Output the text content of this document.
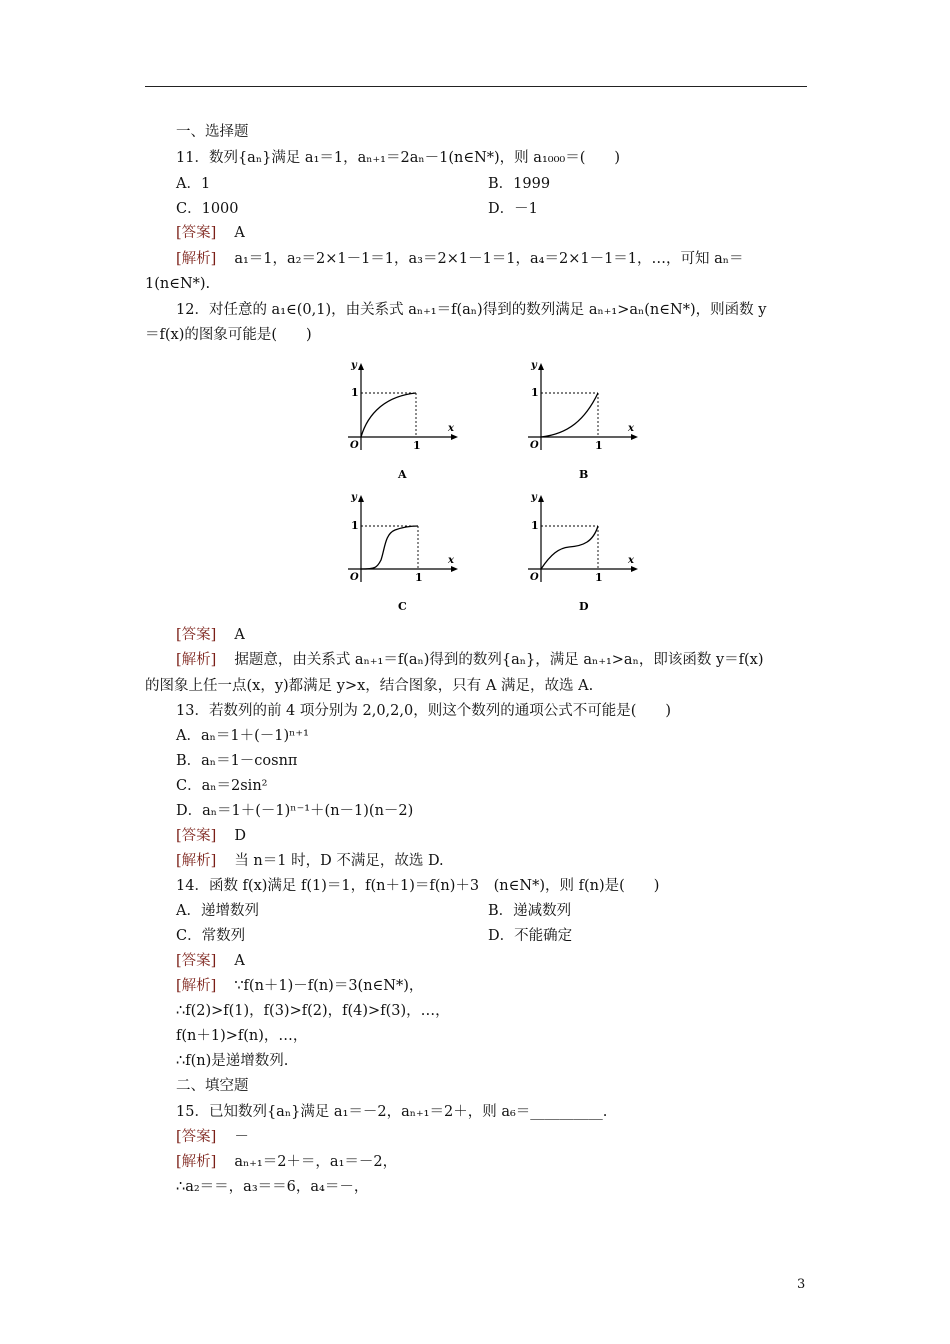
一、选择题
11．数列{aₙ}满足 a₁＝1，aₙ₊₁＝2aₙ－1(n∈N*)，则 a₁₀₀₀＝(　　)
A．1	B．1999
C．1000	D．－1
[答案] A
[解析] a₁＝1，a₂＝2×1－1＝1，a₃＝2×1－1＝1，a₄＝2×1－1＝1，…，可知 aₙ＝
1(n∈N*).
12．对任意的 a₁∈(0,1)，由关系式 aₙ₊₁＝f(aₙ)得到的数列满足 aₙ₊₁>aₙ(n∈N*)，则函数 y
＝f(x)的图象可能是(　　)
y
x
O
1
1
A
y
x
O
1
1
B
y
x
O
1
1
C
y
x
O
1
1
D
[答案] A
[解析] 据题意，由关系式 aₙ₊₁＝f(aₙ)得到的数列{aₙ}，满足 aₙ₊₁>aₙ，即该函数 y＝f(x)
的图象上任一点(x，y)都满足 y>x，结合图象，只有 A 满足，故选 A.
13．若数列的前 4 项分别为 2,0,2,0，则这个数列的通项公式不可能是(　　)
A．aₙ＝1＋(－1)ⁿ⁺¹
B．aₙ＝1－cosnπ
C．aₙ＝2sin²
D．aₙ＝1＋(－1)ⁿ⁻¹＋(n－1)(n－2)
[答案] D
[解析] 当 n＝1 时，D 不满足，故选 D.
14．函数 f(x)满足 f(1)＝1，f(n＋1)＝f(n)＋3　(n∈N*)，则 f(n)是(　　)
A．递增数列	B．递减数列
C．常数列	D．不能确定
[答案] A
[解析] ∵f(n＋1)－f(n)＝3(n∈N*)，
∴f(2)>f(1)，f(3)>f(2)，f(4)>f(3)，…，
f(n＋1)>f(n)，…，
∴f(n)是递增数列.
二、填空题
15．已知数列{aₙ}满足 a₁＝－2，aₙ₊₁＝2＋，则 a₆＝__________.
[答案] －
[解析] aₙ₊₁＝2＋＝，a₁＝－2，
∴a₂＝＝，a₃＝＝6，a₄＝－，
3
